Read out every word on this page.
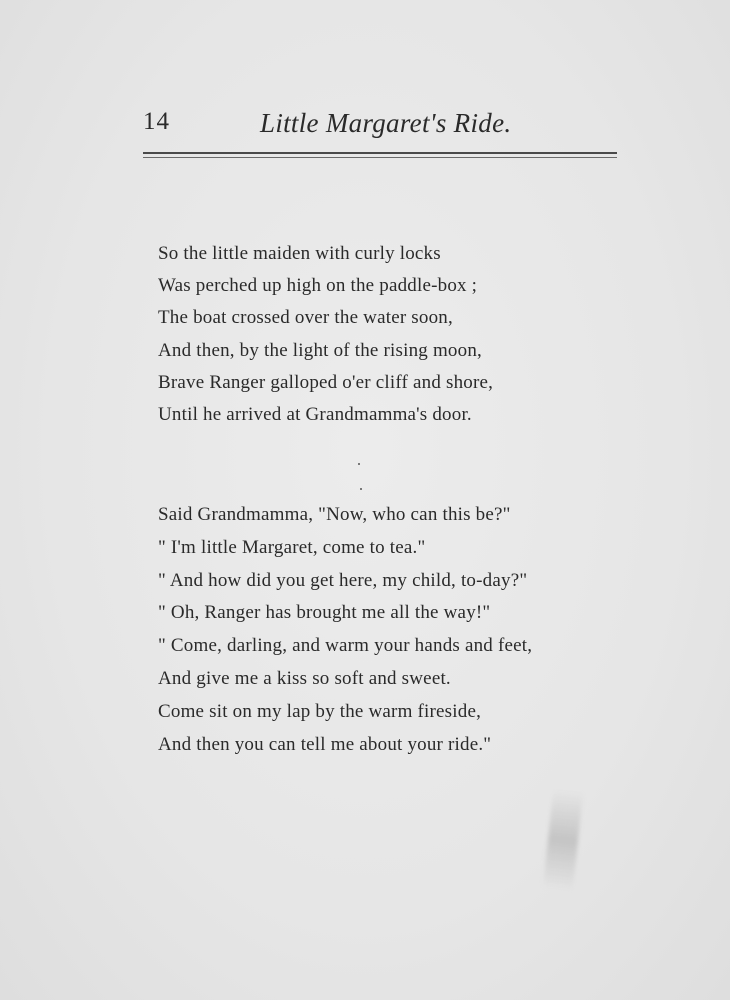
14	Little Margaret's Ride.
So the little maiden with curly locks
Was perched up high on the paddle-box ;
The boat crossed over the water soon,
And then, by the light of the rising moon,
Brave Ranger galloped o'er cliff and shore,
Until he arrived at Grandmamma's door.
Said Grandmamma, "Now, who can this be?"
" I'm little Margaret, come to tea."
" And how did you get here, my child, to-day?"
" Oh, Ranger has brought me all the way!"
" Come, darling, and warm your hands and feet,
And give me a kiss so soft and sweet.
Come sit on my lap by the warm fireside,
And then you can tell me about your ride."
